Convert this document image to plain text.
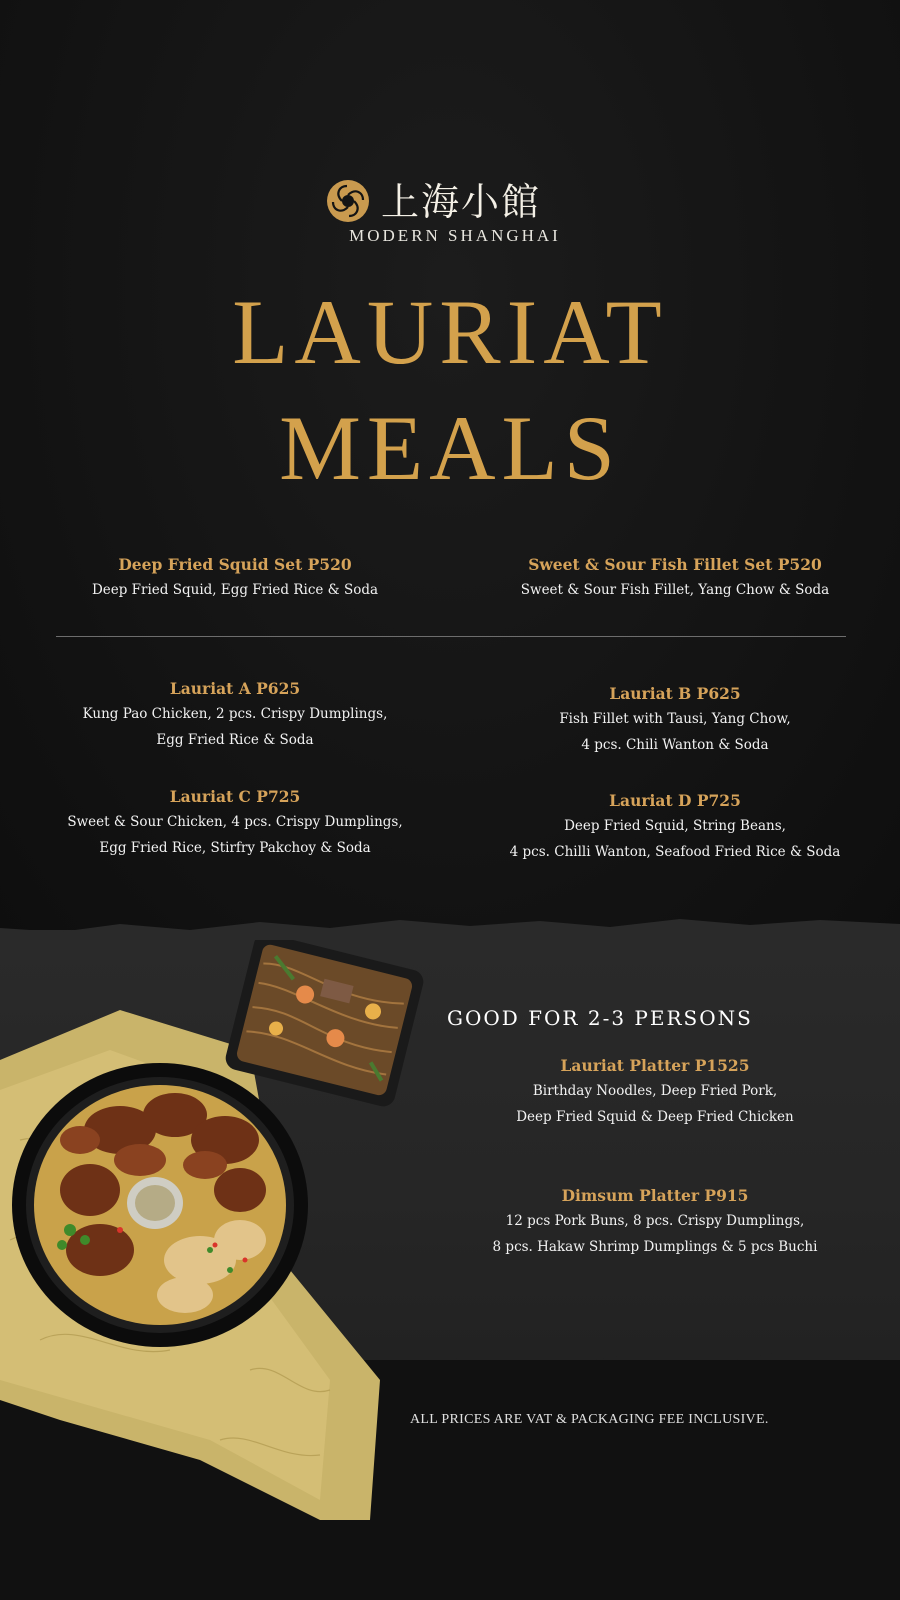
上海小館
MODERN SHANGHAI
LAURIAT
MEALS
Deep Fried Squid Set P520
Deep Fried Squid, Egg Fried Rice & Soda
Sweet & Sour Fish Fillet Set P520
Sweet & Sour Fish Fillet, Yang Chow & Soda
Lauriat A P625
Kung Pao Chicken, 2 pcs. Crispy Dumplings,
Egg Fried Rice & Soda
Lauriat B P625
Fish Fillet with Tausi, Yang Chow,
4 pcs. Chili Wanton & Soda
Lauriat C P725
Sweet & Sour Chicken, 4 pcs. Crispy Dumplings,
Egg Fried Rice, Stirfry Pakchoy & Soda
Lauriat D P725
Deep Fried Squid, String Beans,
4 pcs. Chilli Wanton, Seafood Fried Rice & Soda
GOOD FOR 2-3 PERSONS
Lauriat Platter P1525
Birthday Noodles, Deep Fried Pork,
Deep Fried Squid & Deep Fried Chicken
Dimsum Platter P915
12 pcs Pork Buns, 8 pcs. Crispy Dumplings,
8 pcs. Hakaw Shrimp Dumplings & 5 pcs Buchi
ALL PRICES ARE VAT & PACKAGING FEE INCLUSIVE.
